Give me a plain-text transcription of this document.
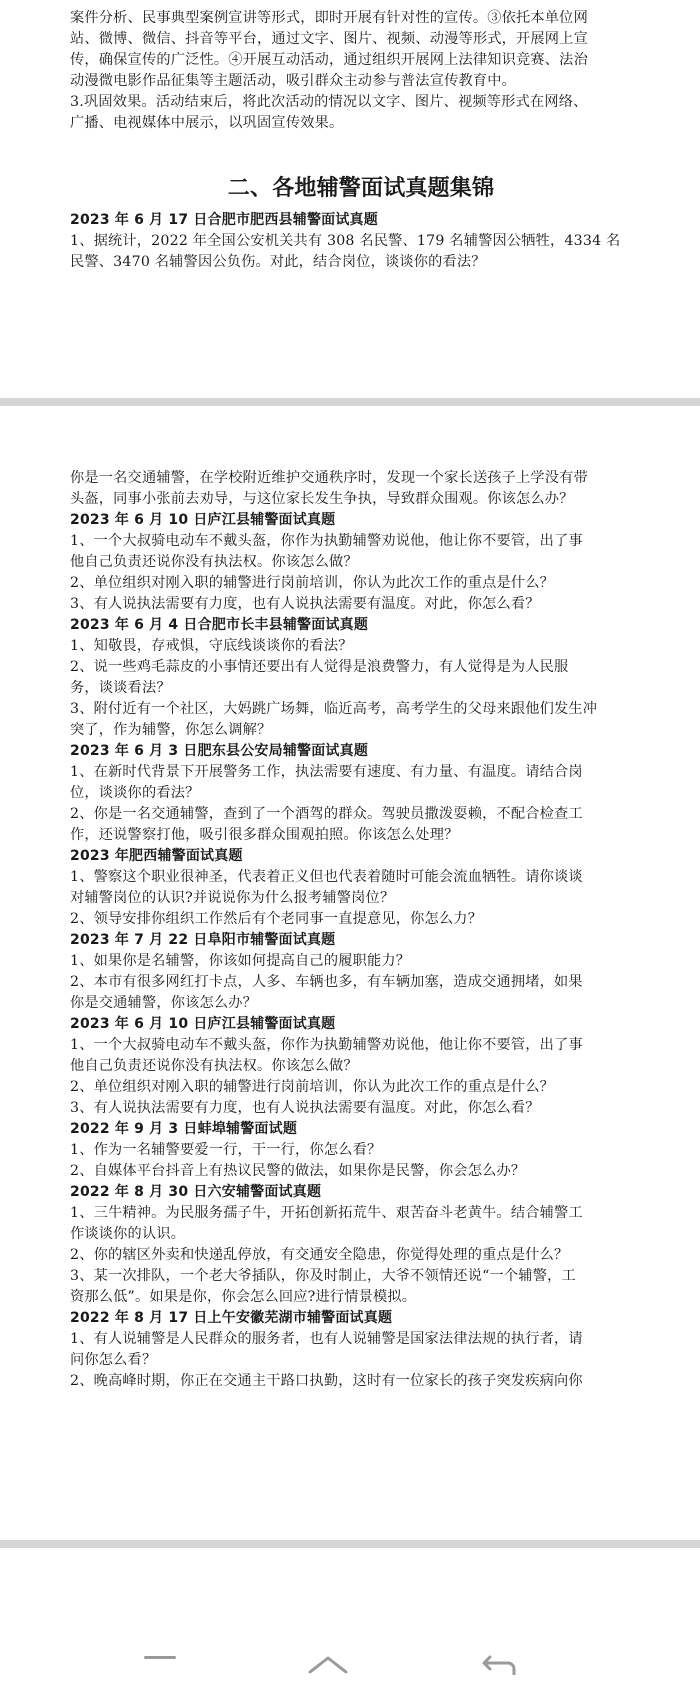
案件分析、民事典型案例宣讲等形式，即时开展有针对性的宣传。③依托本单位网

站、微博、微信、抖音等平台，通过文字、图片、视频、动漫等形式，开展网上宣

传，确保宣传的广泛性。④开展互动活动，通过组织开展网上法律知识竞赛、法治

动漫微电影作品征集等主题活动，吸引群众主动参与普法宣传教育中。

3.巩固效果。活动结束后，将此次活动的情况以文字、图片、视频等形式在网络、

广播、电视媒体中展示，以巩固宣传效果。

二、各地辅警面试真题集锦

2023 年 6 月 17 日合肥市肥西县辅警面试真题

1、据统计，2022 年全国公安机关共有 308 名民警、179 名辅警因公牺牲，4334 名

民警、3470 名辅警因公负伤。对此，结合岗位，谈谈你的看法？

你是一名交通辅警，在学校附近维护交通秩序时，发现一个家长送孩子上学没有带

头盔，同事小张前去劝导，与这位家长发生争执，导致群众围观。你该怎么办？

2023 年 6 月 10 日庐江县辅警面试真题

1、一个大叔骑电动车不戴头盔，你作为执勤辅警劝说他，他让你不要管，出了事

他自己负责还说你没有执法权。你该怎么做？

2、单位组织对刚入职的辅警进行岗前培训，你认为此次工作的重点是什么？

3、有人说执法需要有力度，也有人说执法需要有温度。对此，你怎么看？

2023 年 6 月 4 日合肥市长丰县辅警面试真题

1、知敬畏，存戒惧，守底线谈谈你的看法？

2、说一些鸡毛蒜皮的小事情还要出有人觉得是浪费警力，有人觉得是为人民服

务，谈谈看法？

3、附付近有一个社区，大妈跳广场舞，临近高考，高考学生的父母来跟他们发生冲

突了，作为辅警，你怎么调解？

2023 年 6 月 3 日肥东县公安局辅警面试真题

1、在新时代背景下开展警务工作，执法需要有速度、有力量、有温度。请结合岗

位，谈谈你的看法？

2、你是一名交通辅警，查到了一个酒驾的群众。驾驶员撒泼耍赖，不配合检查工

作，还说警察打他，吸引很多群众围观拍照。你该怎么处理？

2023 年肥西辅警面试真题

1、警察这个职业很神圣，代表着正义但也代表着随时可能会流血牺牲。请你谈谈

对辅警岗位的认识?并说说你为什么报考辅警岗位？

2、领导安排你组织工作然后有个老同事一直提意见，你怎么力？

2023 年 7 月 22 日阜阳市辅警面试真题

1、如果你是名辅警，你该如何提高自己的履职能力？

2、本市有很多网红打卡点，人多、车辆也多，有车辆加塞，造成交通拥堵，如果

你是交通辅警，你该怎么办？

2023 年 6 月 10 日庐江县辅警面试真题

1、一个大叔骑电动车不戴头盔，你作为执勤辅警劝说他，他让你不要管，出了事

他自己负责还说你没有执法权。你该怎么做？

2、单位组织对刚入职的辅警进行岗前培训，你认为此次工作的重点是什么？

3、有人说执法需要有力度，也有人说执法需要有温度。对此，你怎么看？

2022 年 9 月 3 日蚌埠辅警面试题

1、作为一名辅警要爱一行，干一行，你怎么看？

2、自媒体平台抖音上有热议民警的做法，如果你是民警，你会怎么办？

2022 年 8 月 30 日六安辅警面试真题

1、三牛精神。为民服务孺子牛，开拓创新拓荒牛、艰苦奋斗老黄牛。结合辅警工

作谈谈你的认识。

2、你的辖区外卖和快递乱停放，有交通安全隐患，你觉得处理的重点是什么？

3、某一次排队，一个老大爷插队，你及时制止，大爷不领情还说“一个辅警，工

资那么低”。如果是你，你会怎么回应?进行情景模拟。

2022 年 8 月 17 日上午安徽芜湖市辅警面试真题

1、有人说辅警是人民群众的服务者，也有人说辅警是国家法律法规的执行者，请

问你怎么看？

2、晚高峰时期，你正在交通主干路口执勤，这时有一位家长的孩子突发疾病向你
